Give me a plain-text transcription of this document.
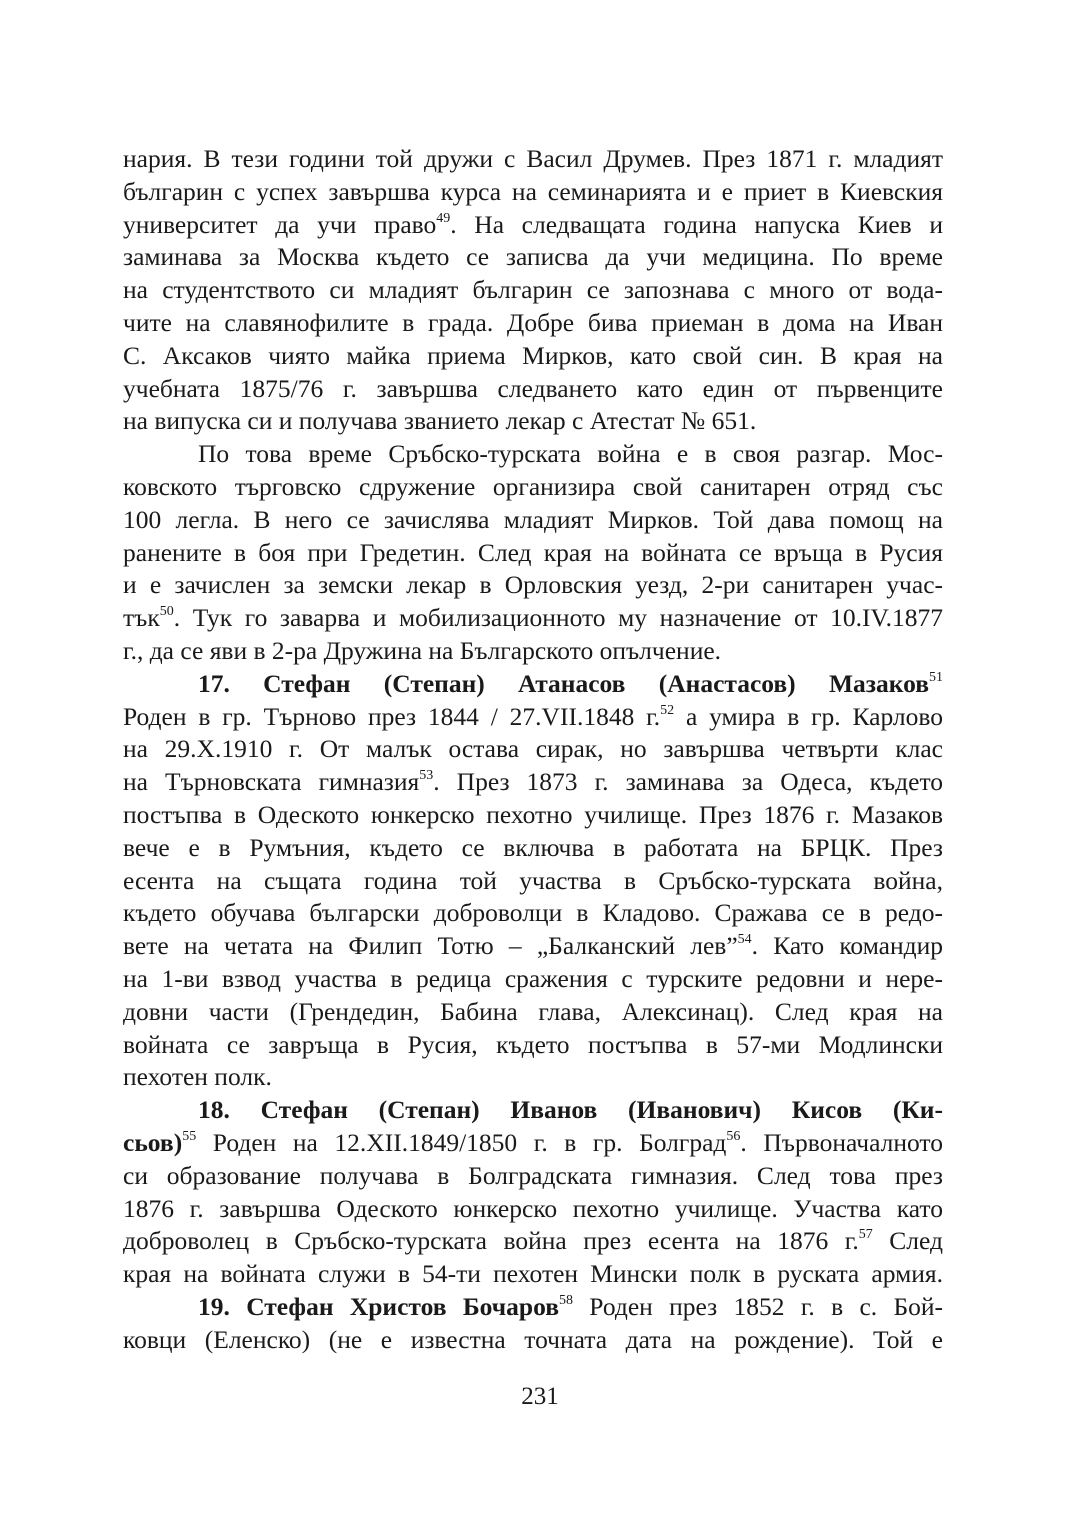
нария. В тези години той дружи с Васил Друмев. През 1871 г. младият
българин с успех завършва курса на семинарията и е приет в Киевския
университет да учи право$^{49}$. На следващата година напуска Киев и
заминава за Москва където се записва да учи медицина. По време
на студентството си младият българин се запознава с много от вода-
чите на славянофилите в града. Добре бива приеман в дома на Иван
С. Аксаков чиято майка приема Мирков, като свой син. В края на
учебната 1875/76 г. завършва следването като един от първенците
на випуска си и получава званието лекар с Атестат № 651.
По това време Сръбско-турската война е в своя разгар. Мос-
ковското търговско сдружение организира свой санитарен отряд със
100 легла. В него се зачислява младият Мирков. Той дава помощ на
ранените в боя при Гредетин. След края на войната се връща в Русия
и е зачислен за земски лекар в Орловския уезд, 2-ри санитарен учас-
тък$^{50}$. Тук го заварва и мобилизационното му назначение от 10.IV.1877
г., да се яви в 2-ра Дружина на Българското опълчение.
17. Стефан (Степан) Атанасов (Анастасов) Мазаков$^{51}$
Роден в гр. Търново през 1844 / 27.VII.1848 г.$^{52}$ а умира в гр. Карлово
на 29.X.1910 г. От малък остава сирак, но завършва четвърти клас
на Търновската гимназия$^{53}$. През 1873 г. заминава за Одеса, където
постъпва в Одеското юнкерско пехотно училище. През 1876 г. Мазаков
вече е в Румъния, където се включва в работата на БРЦК. През
есента на същата година той участва в Сръбско-турската война,
където обучава български доброволци в Кладово. Сражава се в редо-
вете на четата на Филип Тотю – „Балканский лев”$^{54}$. Като командир
на 1-ви взвод участва в редица сражения с турските редовни и нере-
довни части (Грендедин, Бабина глава, Алексинац). След края на
войната се завръща в Русия, където постъпва в 57-ми Модлински
пехотен полк.
18. Стефан (Степан) Иванов (Иванович) Кисов (Ки-
сьов)$^{55}$ Роден на 12.XII.1849/1850 г. в гр. Болград$^{56}$. Първоначалното
си образование получава в Болградската гимназия. След това през
1876 г. завършва Одеското юнкерско пехотно училище. Участва като
доброволец в Сръбско-турската война през есента на 1876 г.$^{57}$ След
края на войната служи в 54-ти пехотен Мински полк в руската армия.
19. Стефан Христов Бочаров$^{58}$ Роден през 1852 г. в с. Бой-
ковци (Еленско) (не е известна точната дата на рождение). Той е
231
